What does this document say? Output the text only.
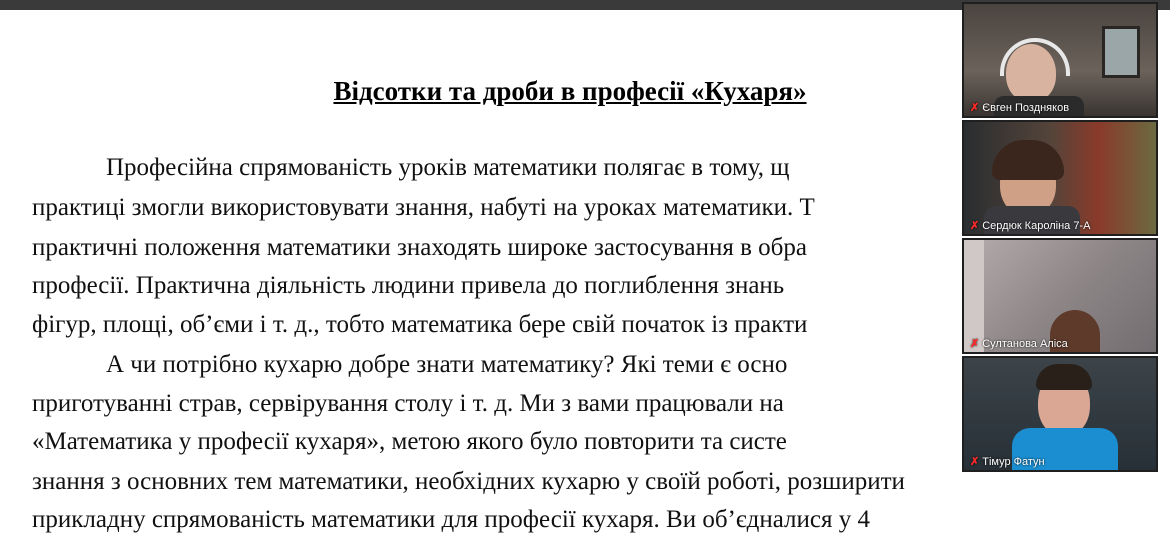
Відсотки та дроби в професії «Кухаря»
Професійна спрямованість уроків математики полягає в тому, щ
практиці змогли використовувати знання, набуті на уроках математики. Т
практичні положення математики знаходять широке застосування в обра
професії. Практична діяльність людини привела до поглиблення знань
фігур, площі, об’єми і т. д., тобто математика бере свій початок із практи
А чи потрібно кухарю добре знати математику? Які теми є осно
приготуванні страв, сервірування столу і т. д. Ми з вами працювали на
«Математика у професії кухаря», метою якого було повторити та систе
знання з основних тем математики, необхідних кухарю у своїй роботі, розширити
прикладну спрямованість математики для професії кухаря. Ви об’єдналися у 4
✗ Євген Поздняков
✗ Сердюк Кароліна 7-А
✗ Султанова Аліса
✗ Тімур Фатун
